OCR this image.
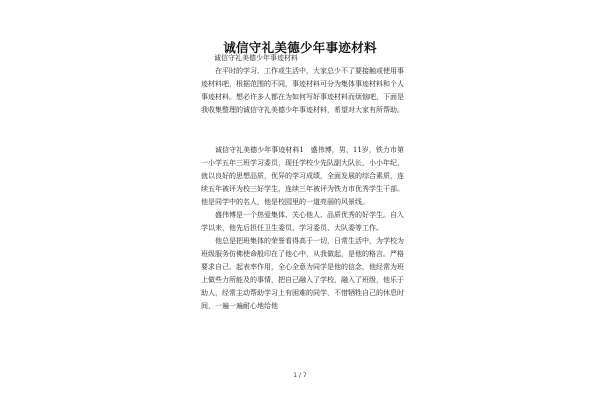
诚信守礼美德少年事迹材料

诚信守礼美德少年事迹材料

在平时的学习、工作或生活中，大家总少不了要接触或使用事迹材料吧，根据范围的不同，事迹材料可分为集体事迹材料和个人事迹材料。想必许多人都在为如何写好事迹材料而烦恼吧，下面是我收集整理的诚信守礼美德少年事迹材料，希望对大家有所帮助。

诚信守礼美德少年事迹材料1 盛伟博，男，11岁，铁力市第一小学五年三班学习委员，现任学校少先队副大队长，小小年纪，就以良好的思想品质，优异的学习成绩，全面发展的综合素质，连续五年被评为校三好学生，连续三年被评为铁力市优秀学生干部。他是同学中的名人，他是校园里的一道亮丽的风景线。

盛伟博是一个热爱集体、关心他人、品质优秀的好学生。自入学以来，他先后担任卫生委员、学习委员、大队委等工作。

他总是把班集体的荣誉看得高于一切，日常生活中，为学校为班级服务仿佛使命般印在了他心中，从我做起，是他的格言。严格要求自己，起表率作用，全心全意为同学是他的信念，他经常为班上做些力所能及的事情，把自己融入了学校，融入了班级，他乐于助人，经常主动帮助学习上有困难的同学，不惜牺牲自己的休息时间，一遍一遍耐心地给他

1 / 7
